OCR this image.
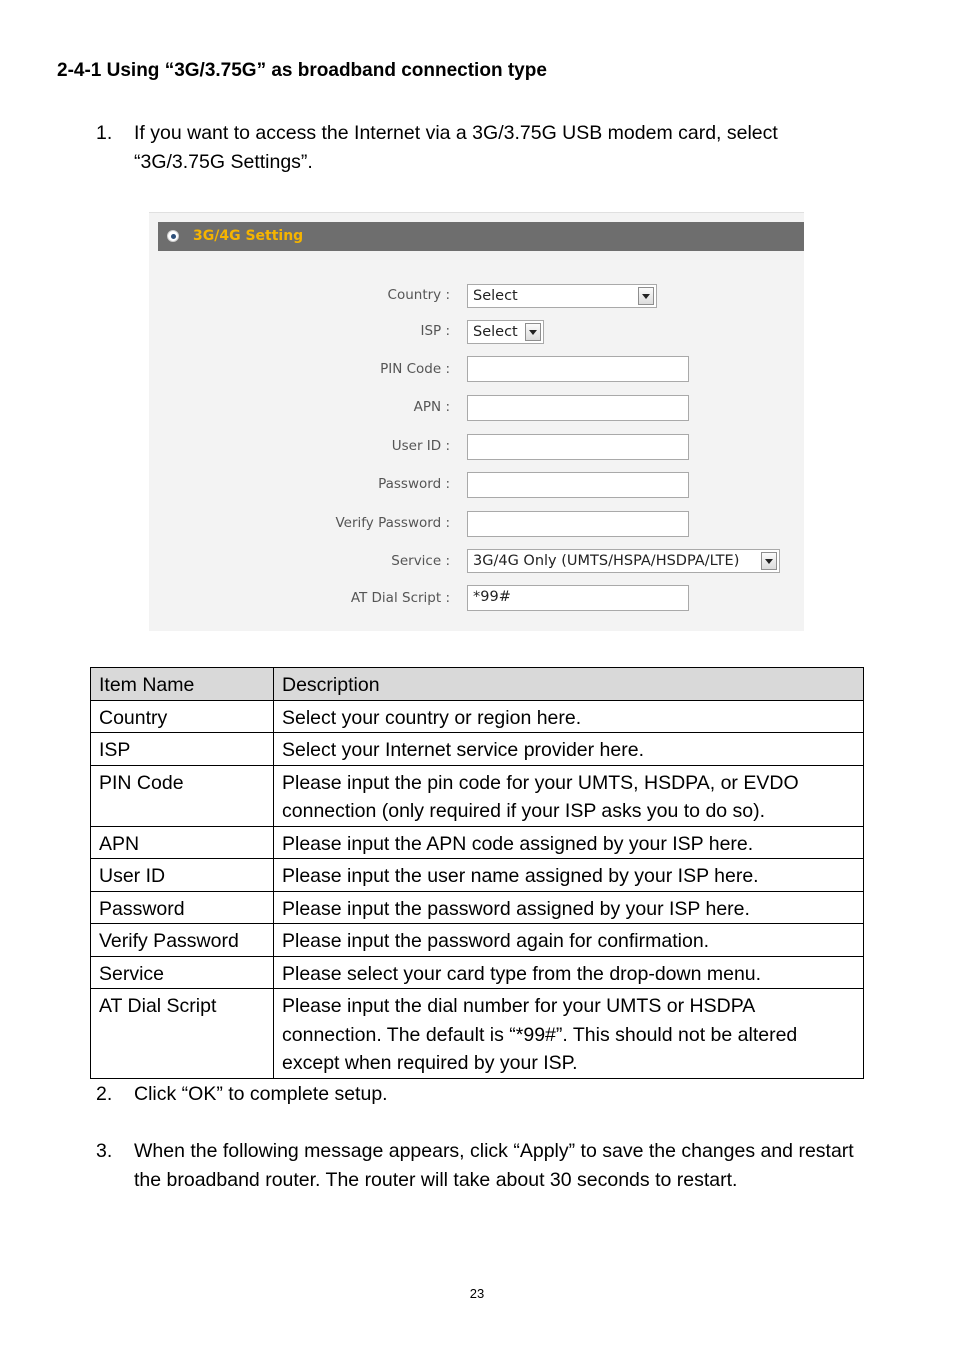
2-4-1 Using “3G/3.75G” as broadband connection type
1. If you want to access the Internet via a 3G/3.75G USB modem card, select
“3G/3.75G Settings”.
3G/4G Setting
Country : Select
ISP : Select
PIN Code :
APN :
User ID :
Password :
Verify Password :
Service : 3G/4G Only (UMTS/HSPA/HSDPA/LTE)
AT Dial Script :	*99#
Item Name	Description
Country	Select your country or region here.
ISP	Select your Internet service provider here.
PIN Code	Please input the pin code for your UMTS, HSDPA, or EVDO connection (only required if your ISP asks you to do so).
APN	Please input the APN code assigned by your ISP here.
User ID	Please input the user name assigned by your ISP here.
Password	Please input the password assigned by your ISP here.
Verify Password	Please input the password again for confirmation.
Service	Please select your card type from the drop-down menu.
AT Dial Script	Please input the dial number for your UMTS or HSDPA connection. The default is “*99#”. This should not be altered except when required by your ISP.
2. Click “OK” to complete setup.
3. When the following message appears, click “Apply” to save the changes and restart
the broadband router. The router will take about 30 seconds to restart.
23
